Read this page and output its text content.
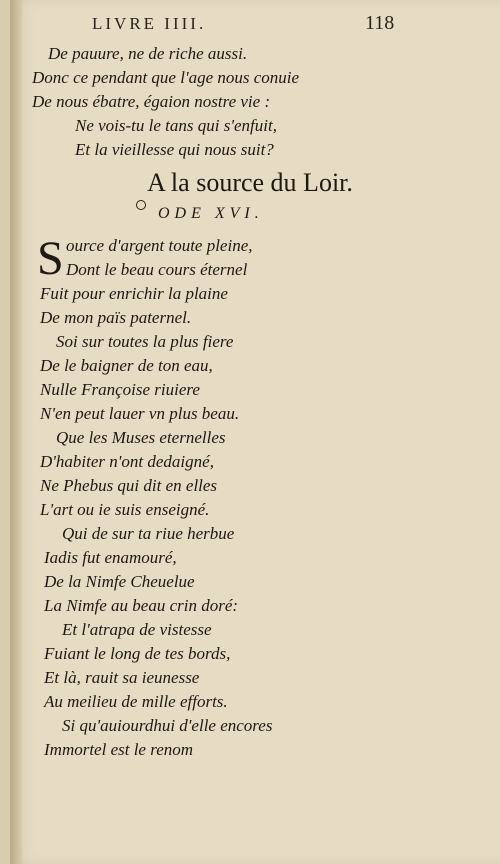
LIVRE IIII.	118
De pauure, ne de riche aussi.
Donc ce pendant que l'age nous conuie
De nous ébatre, égaion nostre vie :
Ne vois-tu le tans qui s'enfuit,
Et la vieillesse qui nous suit?
A la source du Loir.
ODE XVI.
S ource d'argent toute pleine,
Dont le beau cours éternel
Fuit pour enrichir la plaine
De mon païs paternel.
Soi sur toutes la plus fiere
De le baigner de ton eau,
Nulle Françoise riuiere
N'en peut lauer vn plus beau.
Que les Muses eternelles
D'habiter n'ont dedaigné,
Ne Phebus qui dit en elles
L'art ou ie suis enseigné.
Qui de sur ta riue herbue
Iadis fut enamouré,
De la Nimfe Cheuelue
La Nimfe au beau crin doré:
Et l'atrapa de vistesse
Fuiant le long de tes bords,
Et là, rauit sa ieunesse
Au meilieu de mille efforts.
Si qu'auiourdhui d'elle encores
Immortel est le renom
